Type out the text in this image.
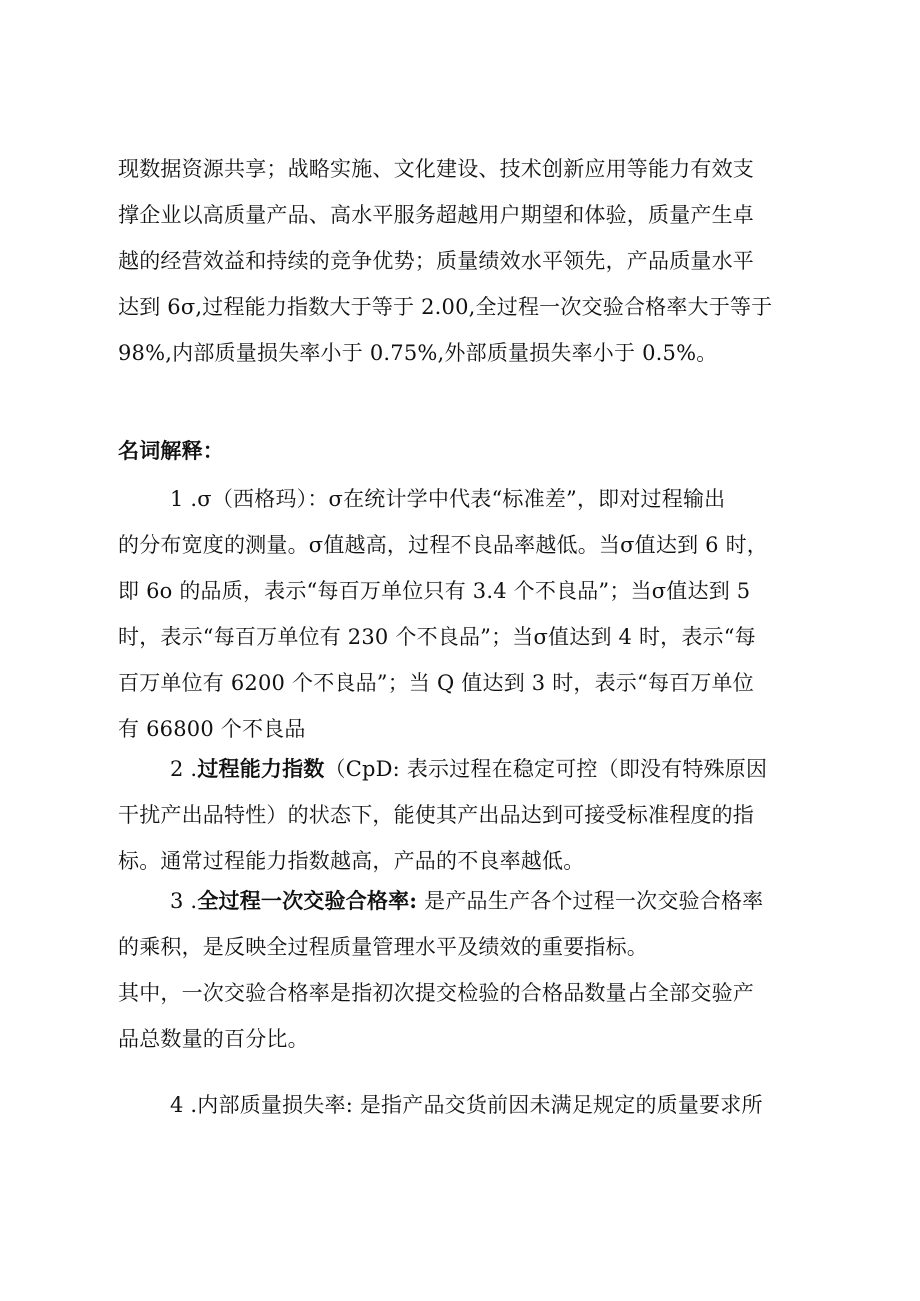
现数据资源共享；战略实施、文化建设、技术创新应用等能力有效支
撑企业以高质量产品、高水平服务超越用户期望和体验，质量产生卓
越的经营效益和持续的竞争优势；质量绩效水平领先，产品质量水平
达到 6σ,过程能力指数大于等于 2.00,全过程一次交验合格率大于等于
98%,内部质量损失率小于 0.75%,外部质量损失率小于 0.5%。
名词解释：
1 .σ（西格玛）：σ在统计学中代表“标准差”，即对过程输出
的分布宽度的测量。σ值越高，过程不良品率越低。当σ值达到 6 时，
即 6o 的品质，表示“每百万单位只有 3.4 个不良品”；当σ值达到 5
时，表示“每百万单位有 230 个不良品”；当σ值达到 4 时，表示“每
百万单位有 6200 个不良品”；当 Q 值达到 3 时，表示“每百万单位
有 66800 个不良品
2 .过程能力指数（CpD: 表示过程在稳定可控（即没有特殊原因
干扰产出品特性）的状态下，能使其产出品达到可接受标准程度的指
标。通常过程能力指数越高，产品的不良率越低。
3 .全过程一次交验合格率: 是产品生产各个过程一次交验合格率
的乘积，是反映全过程质量管理水平及绩效的重要指标。
其中，一次交验合格率是指初次提交检验的合格品数量占全部交验产
品总数量的百分比。
4 .内部质量损失率: 是指产品交货前因未满足规定的质量要求所
